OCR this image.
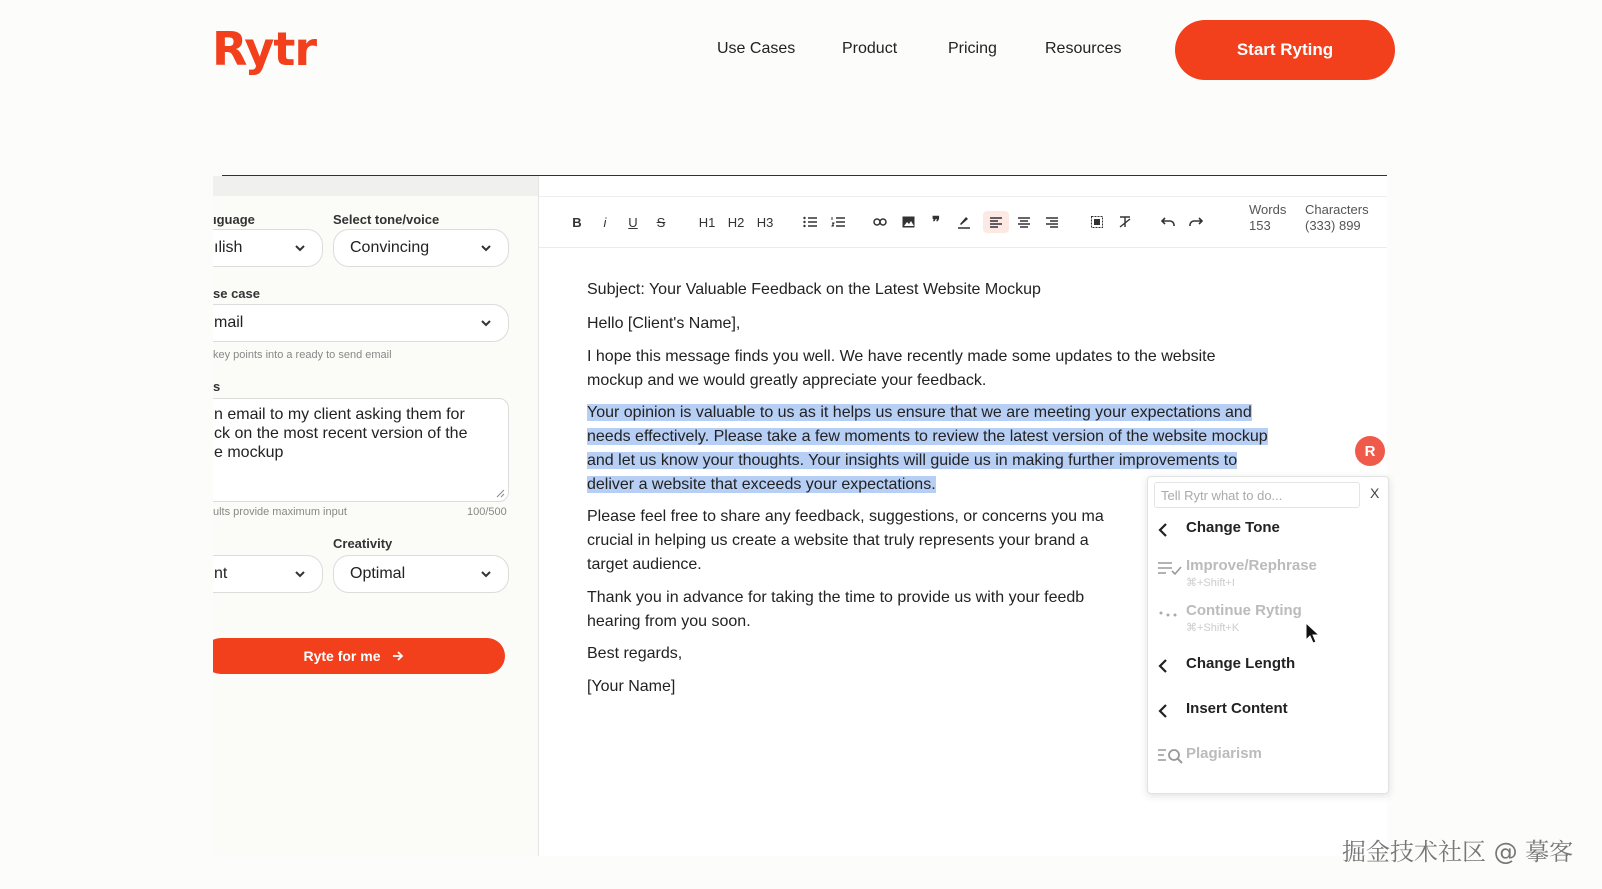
Rytr	Use Cases	Product	Pricing	Resources	Start Ryting
ıguage	Select tone/voice
ılish	Convincing
se case
mail
key points into a ready to send email
s
n email to my client asking them for
ck on the most recent version of the
e mockup
ults provide maximum input	100/500
Creativity
nt	Optimal
Ryte for me
B	i	U S	H1 H2 H3	❞
Words
153
Characters
(333) 899
Subject: Your Valuable Feedback on the Latest Website Mockup
Hello [Client's Name],
I hope this message finds you well. We have recently made some updates to the website
mockup and we would greatly appreciate your feedback.
Your opinion is valuable to us as it helps us ensure that we are meeting your expectations and
needs effectively. Please take a few moments to review the latest version of the website mockup
and let us know your thoughts. Your insights will guide us in making further improvements to
deliver a website that exceeds your expectations.
Please feel free to share any feedback, suggestions, or concerns you ma
crucial in helping us create a website that truly represents your brand a
target audience.
Thank you in advance for taking the time to provide us with your feedb
hearing from you soon.
Best regards,
[Your Name]
R
Tell Rytr what to do...	X
Change Tone
Improve/Rephrase
⌘+Shift+I
Continue Ryting
⌘+Shift+K
Change Length
Insert Content
Plagiarism
掘金技术社区 @ 摹客
